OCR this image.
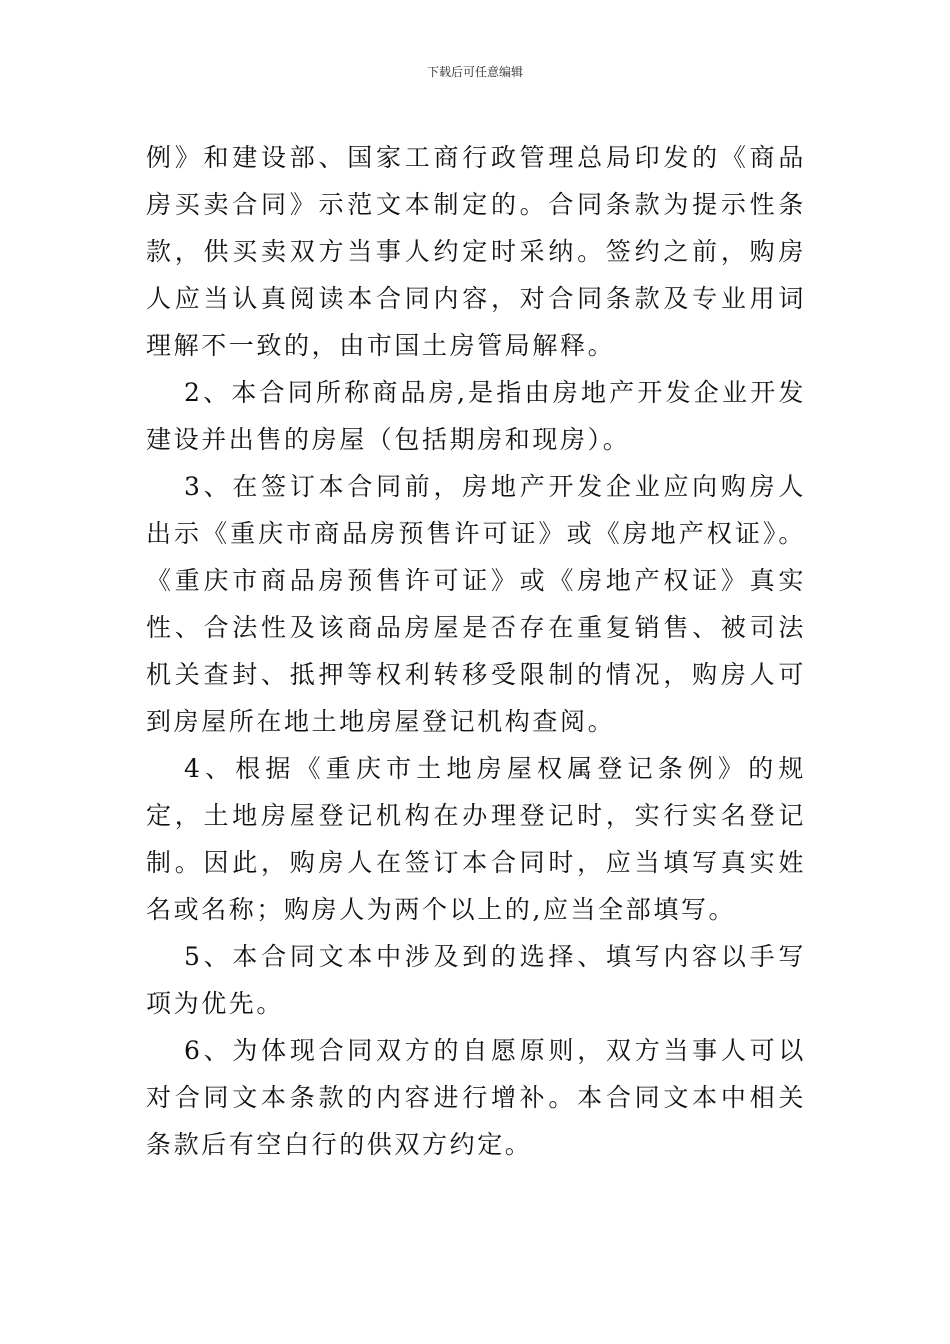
下载后可任意编辑

例》和建设部、国家工商行政管理总局印发的《商品房买卖合同》示范文本制定的。合同条款为提示性条款，供买卖双方当事人约定时采纳。签约之前，购房人应当认真阅读本合同内容，对合同条款及专业用词理解不一致的，由市国土房管局解释。

2、本合同所称商品房,是指由房地产开发企业开发建设并出售的房屋（包括期房和现房）。

3、在签订本合同前，房地产开发企业应向购房人出示《重庆市商品房预售许可证》或《房地产权证》。《重庆市商品房预售许可证》或《房地产权证》真实性、合法性及该商品房屋是否存在重复销售、被司法机关查封、抵押等权利转移受限制的情况，购房人可到房屋所在地土地房屋登记机构查阅。

4、根据《重庆市土地房屋权属登记条例》的规定，土地房屋登记机构在办理登记时，实行实名登记制。因此，购房人在签订本合同时，应当填写真实姓名或名称；购房人为两个以上的,应当全部填写。

5、本合同文本中涉及到的选择、填写内容以手写项为优先。

6、为体现合同双方的自愿原则，双方当事人可以对合同文本条款的内容进行增补。本合同文本中相关条款后有空白行的供双方约定。
